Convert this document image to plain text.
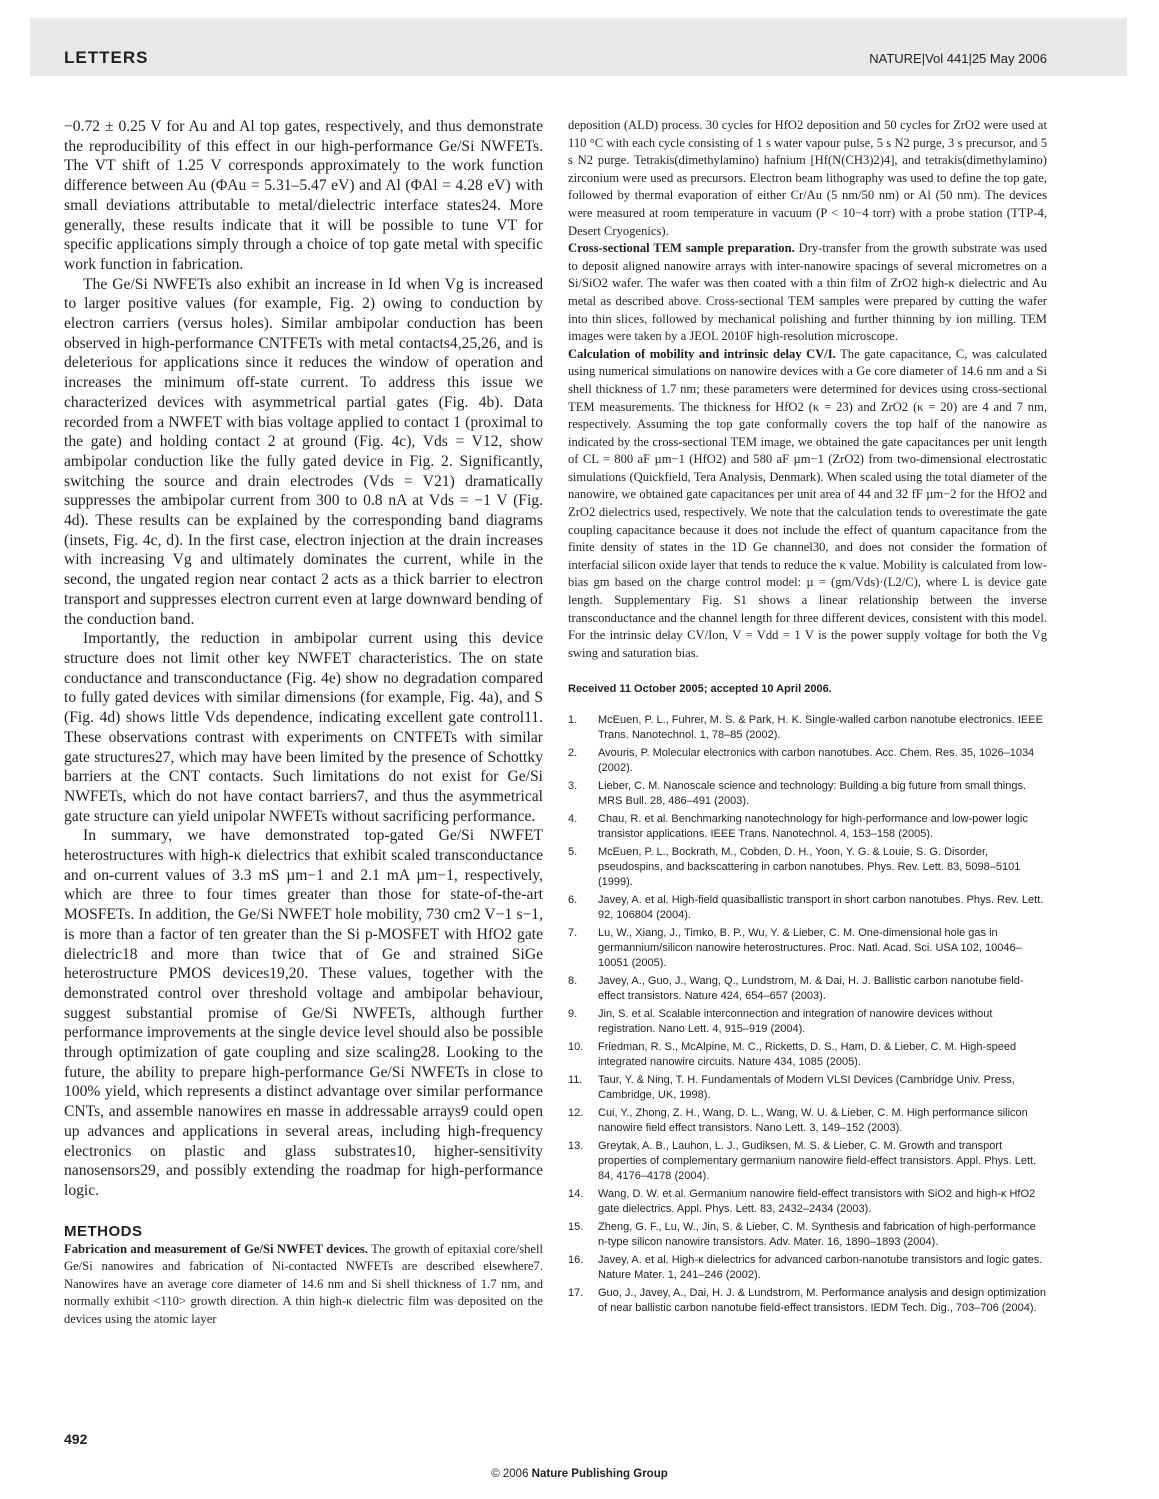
LETTERS	NATURE|Vol 441|25 May 2006

−0.72 ± 0.25 V for Au and Al top gates, respectively, and thus demonstrate the reproducibility of this effect in our high-performance Ge/Si NWFETs. The VT shift of 1.25 V corresponds approximately to the work function difference between Au (ΦAu = 5.31–5.47 eV) and Al (ΦAl = 4.28 eV) with small deviations attributable to metal/dielectric interface states24. More generally, these results indicate that it will be possible to tune VT for specific applications simply through a choice of top gate metal with specific work function in fabrication.

The Ge/Si NWFETs also exhibit an increase in Id when Vg is increased to larger positive values (for example, Fig. 2) owing to conduction by electron carriers (versus holes). Similar ambipolar conduction has been observed in high-performance CNTFETs with metal contacts4,25,26, and is deleterious for applications since it reduces the window of operation and increases the minimum off-state current. To address this issue we characterized devices with asymmetrical partial gates (Fig. 4b). Data recorded from a NWFET with bias voltage applied to contact 1 (proximal to the gate) and holding contact 2 at ground (Fig. 4c), Vds = V12, show ambipolar conduction like the fully gated device in Fig. 2. Significantly, switching the source and drain electrodes (Vds = V21) dramatically suppresses the ambipolar current from 300 to 0.8 nA at Vds = −1 V (Fig. 4d). These results can be explained by the corresponding band diagrams (insets, Fig. 4c, d). In the first case, electron injection at the drain increases with increasing Vg and ultimately dominates the current, while in the second, the ungated region near contact 2 acts as a thick barrier to electron transport and suppresses electron current even at large downward bending of the conduction band.

Importantly, the reduction in ambipolar current using this device structure does not limit other key NWFET characteristics. The on state conductance and transconductance (Fig. 4e) show no degradation compared to fully gated devices with similar dimensions (for example, Fig. 4a), and S (Fig. 4d) shows little Vds dependence, indicating excellent gate control11. These observations contrast with experiments on CNTFETs with similar gate structures27, which may have been limited by the presence of Schottky barriers at the CNT contacts. Such limitations do not exist for Ge/Si NWFETs, which do not have contact barriers7, and thus the asymmetrical gate structure can yield unipolar NWFETs without sacrificing performance.

In summary, we have demonstrated top-gated Ge/Si NWFET heterostructures with high-κ dielectrics that exhibit scaled transconductance and on-current values of 3.3 mS µm−1 and 2.1 mA µm−1, respectively, which are three to four times greater than those for state-of-the-art MOSFETs. In addition, the Ge/Si NWFET hole mobility, 730 cm2 V−1 s−1, is more than a factor of ten greater than the Si p-MOSFET with HfO2 gate dielectric18 and more than twice that of Ge and strained SiGe heterostructure PMOS devices19,20. These values, together with the demonstrated control over threshold voltage and ambipolar behaviour, suggest substantial promise of Ge/Si NWFETs, although further performance improvements at the single device level should also be possible through optimization of gate coupling and size scaling28. Looking to the future, the ability to prepare high-performance Ge/Si NWFETs in close to 100% yield, which represents a distinct advantage over similar performance CNTs, and assemble nanowires en masse in addressable arrays9 could open up advances and applications in several areas, including high-frequency electronics on plastic and glass substrates10, higher-sensitivity nanosensors29, and possibly extending the roadmap for high-performance logic.

METHODS

Fabrication and measurement of Ge/Si NWFET devices. The growth of epitaxial core/shell Ge/Si nanowires and fabrication of Ni-contacted NWFETs are described elsewhere7. Nanowires have an average core diameter of 14.6 nm and Si shell thickness of 1.7 nm, and normally exhibit <110> growth direction. A thin high-κ dielectric film was deposited on the devices using the atomic layer

deposition (ALD) process. 30 cycles for HfO2 deposition and 50 cycles for ZrO2 were used at 110 °C with each cycle consisting of 1 s water vapour pulse, 5 s N2 purge, 3 s precursor, and 5 s N2 purge. Tetrakis(dimethylamino) hafnium [Hf(N(CH3)2)4], and tetrakis(dimethylamino) zirconium were used as precursors. Electron beam lithography was used to define the top gate, followed by thermal evaporation of either Cr/Au (5 nm/50 nm) or Al (50 nm). The devices were measured at room temperature in vacuum (P < 10−4 torr) with a probe station (TTP-4, Desert Cryogenics).

Cross-sectional TEM sample preparation. Dry-transfer from the growth substrate was used to deposit aligned nanowire arrays with inter-nanowire spacings of several micrometres on a Si/SiO2 wafer. The wafer was then coated with a thin film of ZrO2 high-κ dielectric and Au metal as described above. Cross-sectional TEM samples were prepared by cutting the wafer into thin slices, followed by mechanical polishing and further thinning by ion milling. TEM images were taken by a JEOL 2010F high-resolution microscope.

Calculation of mobility and intrinsic delay CV/I. The gate capacitance, C, was calculated using numerical simulations on nanowire devices with a Ge core diameter of 14.6 nm and a Si shell thickness of 1.7 nm; these parameters were determined for devices using cross-sectional TEM measurements. The thickness for HfO2 (κ = 23) and ZrO2 (κ = 20) are 4 and 7 nm, respectively. Assuming the top gate conformally covers the top half of the nanowire as indicated by the cross-sectional TEM image, we obtained the gate capacitances per unit length of CL = 800 aF µm−1 (HfO2) and 580 aF µm−1 (ZrO2) from two-dimensional electrostatic simulations (Quickfield, Tera Analysis, Denmark). When scaled using the total diameter of the nanowire, we obtained gate capacitances per unit area of 44 and 32 fF µm−2 for the HfO2 and ZrO2 dielectrics used, respectively. We note that the calculation tends to overestimate the gate coupling capacitance because it does not include the effect of quantum capacitance from the finite density of states in the 1D Ge channel30, and does not consider the formation of interfacial silicon oxide layer that tends to reduce the κ value. Mobility is calculated from low-bias gm based on the charge control model: µ = (gm/Vds)·(L2/C), where L is device gate length. Supplementary Fig. S1 shows a linear relationship between the inverse transconductance and the channel length for three different devices, consistent with this model. For the intrinsic delay CV/Ion, V = Vdd = 1 V is the power supply voltage for both the Vg swing and saturation bias.

Received 11 October 2005; accepted 10 April 2006.
1. McEuen, P. L., Fuhrer, M. S. & Park, H. K. Single-walled carbon nanotube electronics. IEEE Trans. Nanotechnol. 1, 78–85 (2002).
2. Avouris, P. Molecular electronics with carbon nanotubes. Acc. Chem. Res. 35, 1026–1034 (2002).
3. Lieber, C. M. Nanoscale science and technology: Building a big future from small things. MRS Bull. 28, 486–491 (2003).
4. Chau, R. et al. Benchmarking nanotechnology for high-performance and low-power logic transistor applications. IEEE Trans. Nanotechnol. 4, 153–158 (2005).
5. McEuen, P. L., Bockrath, M., Cobden, D. H., Yoon, Y. G. & Louie, S. G. Disorder, pseudospins, and backscattering in carbon nanotubes. Phys. Rev. Lett. 83, 5098–5101 (1999).
6. Javey, A. et al. High-field quasiballistic transport in short carbon nanotubes. Phys. Rev. Lett. 92, 106804 (2004).
7. Lu, W., Xiang, J., Timko, B. P., Wu, Y. & Lieber, C. M. One-dimensional hole gas in germannium/silicon nanowire heterostructures. Proc. Natl. Acad. Sci. USA 102, 10046–10051 (2005).
8. Javey, A., Guo, J., Wang, Q., Lundstrom, M. & Dai, H. J. Ballistic carbon nanotube field-effect transistors. Nature 424, 654–657 (2003).
9. Jin, S. et al. Scalable interconnection and integration of nanowire devices without registration. Nano Lett. 4, 915–919 (2004).
10. Friedman, R. S., McAlpine, M. C., Ricketts, D. S., Ham, D. & Lieber, C. M. High-speed integrated nanowire circuits. Nature 434, 1085 (2005).
11. Taur, Y. & Ning, T. H. Fundamentals of Modern VLSI Devices (Cambridge Univ. Press, Cambridge, UK, 1998).
12. Cui, Y., Zhong, Z. H., Wang, D. L., Wang, W. U. & Lieber, C. M. High performance silicon nanowire field effect transistors. Nano Lett. 3, 149–152 (2003).
13. Greytak, A. B., Lauhon, L. J., Gudiksen, M. S. & Lieber, C. M. Growth and transport properties of complementary germanium nanowire field-effect transistors. Appl. Phys. Lett. 84, 4176–4178 (2004).
14. Wang, D. W. et al. Germanium nanowire field-effect transistors with SiO2 and high-κ HfO2 gate dielectrics. Appl. Phys. Lett. 83, 2432–2434 (2003).
15. Zheng, G. F., Lu, W., Jin, S. & Lieber, C. M. Synthesis and fabrication of high-performance n-type silicon nanowire transistors. Adv. Mater. 16, 1890–1893 (2004).
16. Javey, A. et al. High-κ dielectrics for advanced carbon-nanotube transistors and logic gates. Nature Mater. 1, 241–246 (2002).
17. Guo, J., Javey, A., Dai, H. J. & Lundstrom, M. Performance analysis and design optimization of near ballistic carbon nanotube field-effect transistors. IEDM Tech. Dig., 703–706 (2004).
492
© 2006 Nature Publishing Group
